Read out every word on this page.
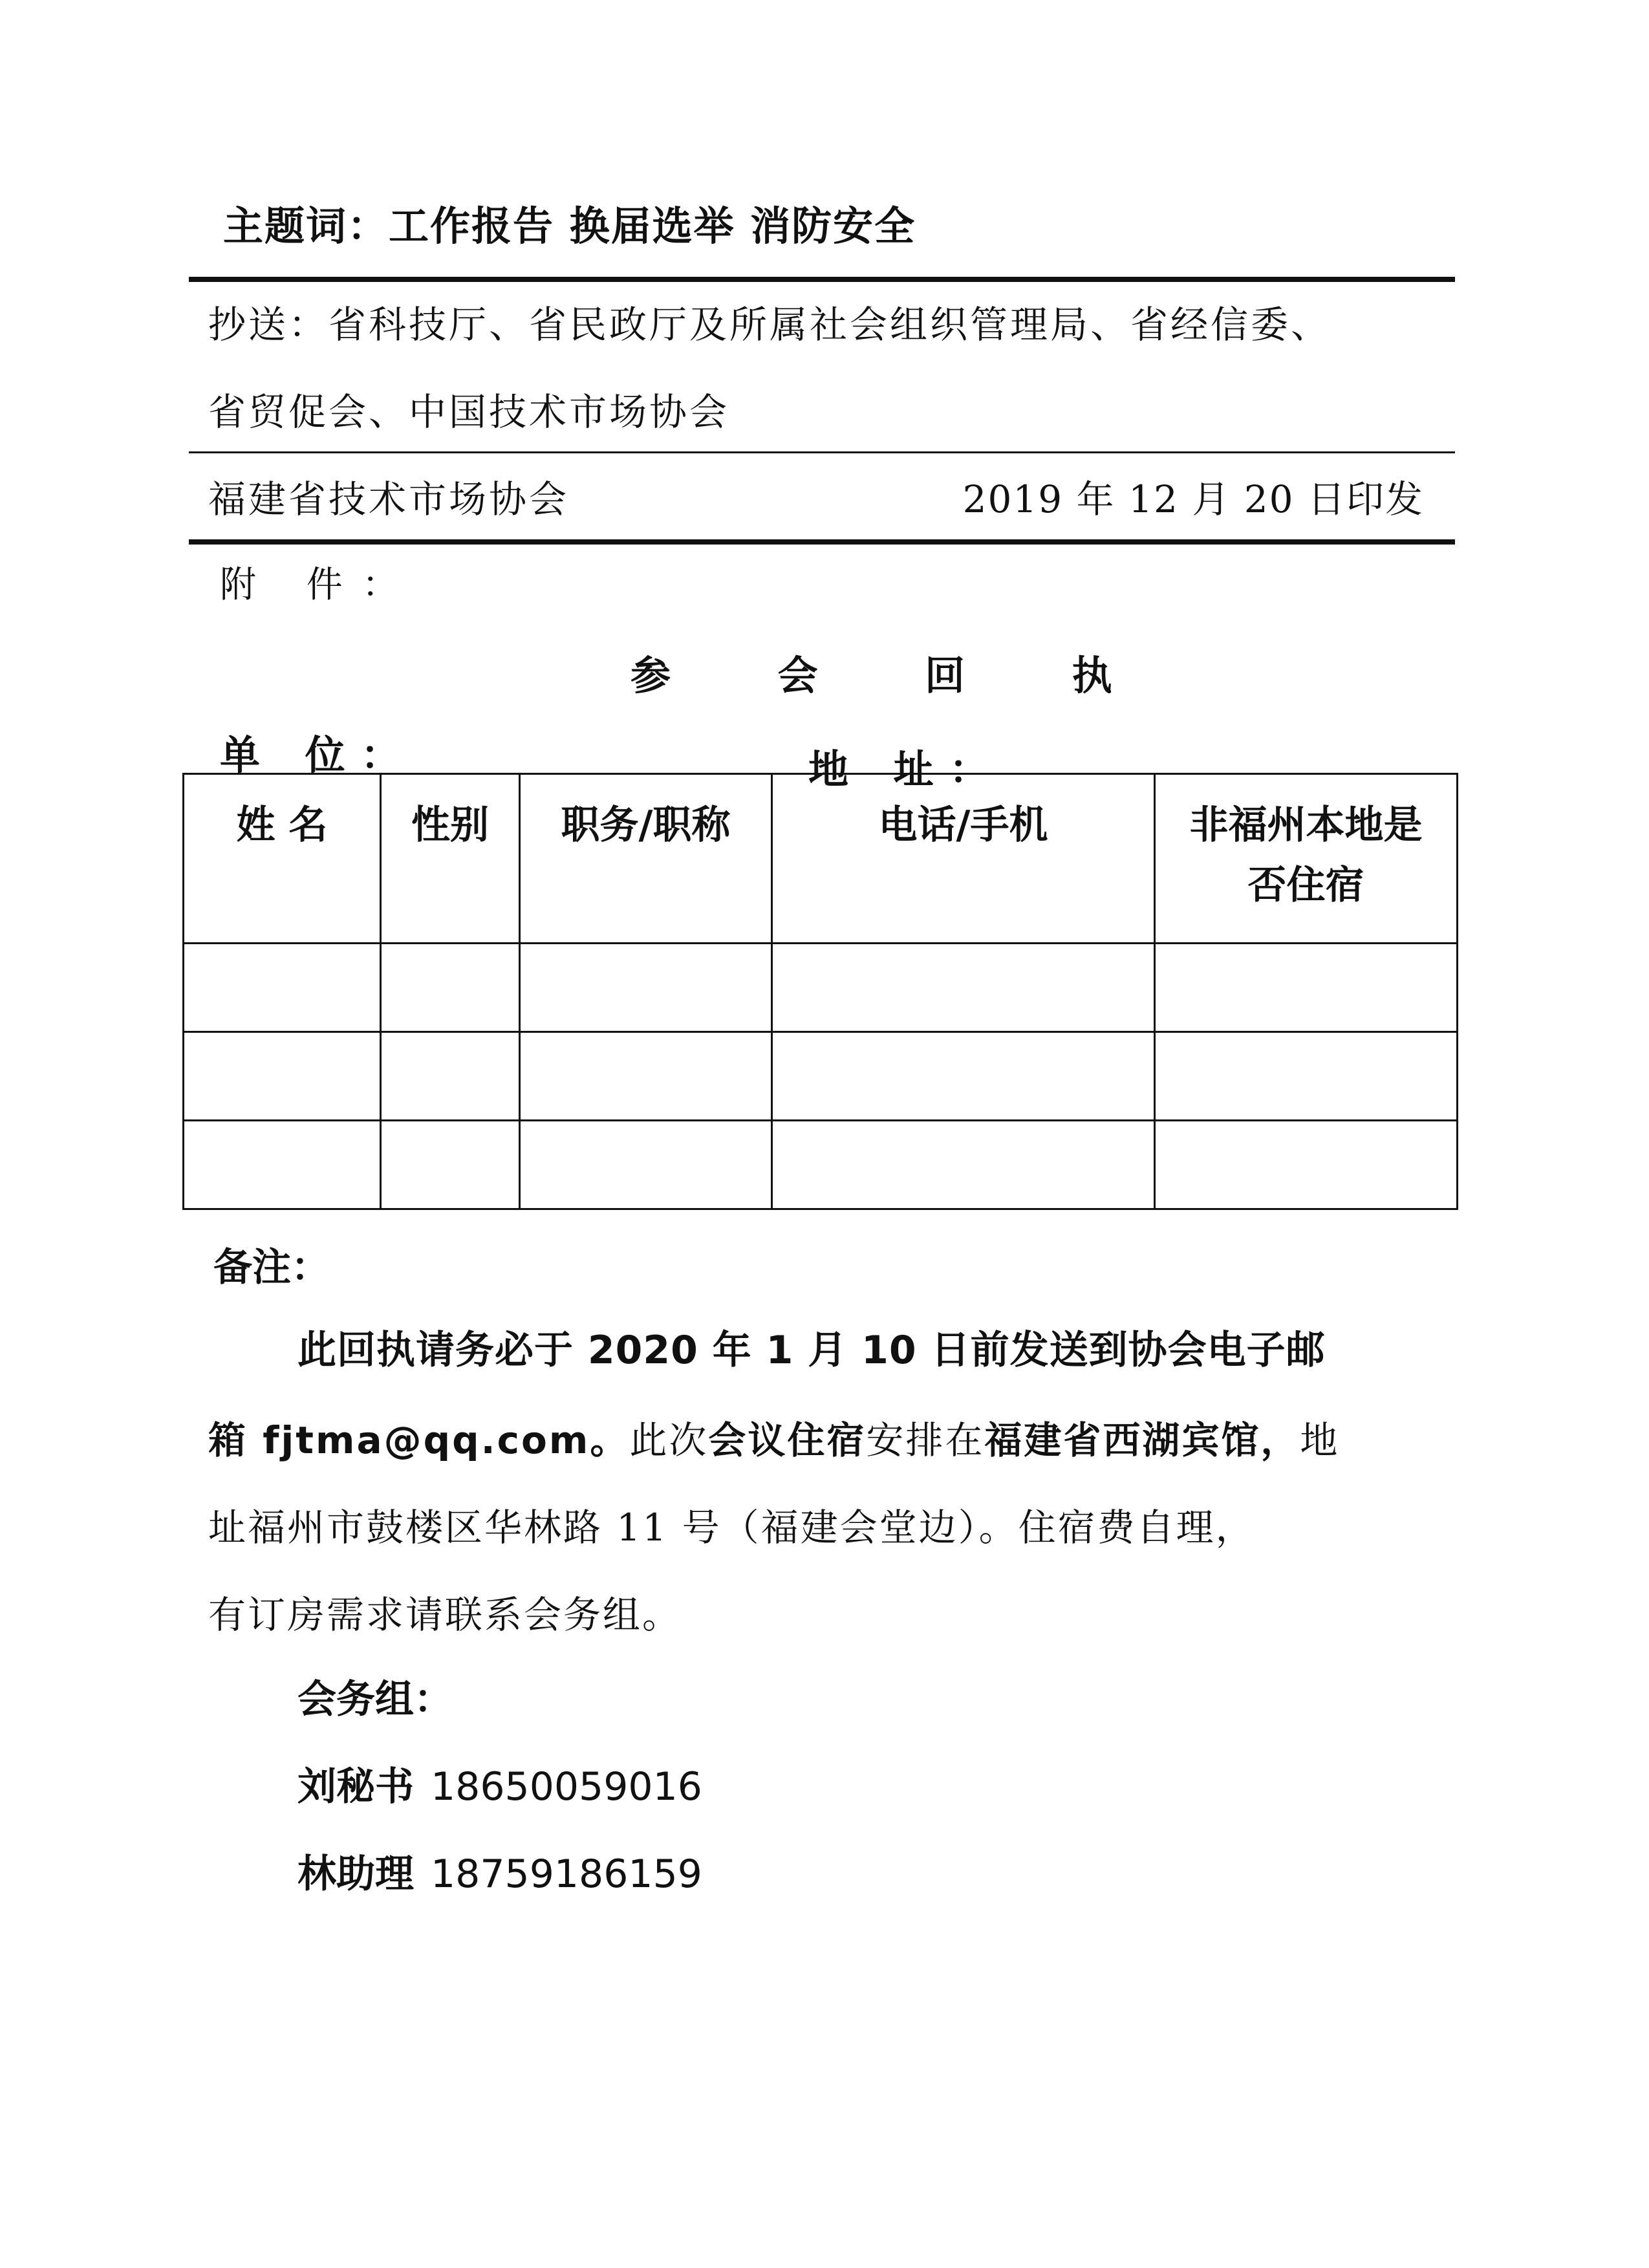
主题词：工作报告 换届选举 消防安全
抄送：省科技厅、省民政厅及所属社会组织管理局、省经信委、
省贸促会、中国技术市场协会
福建省技术市场协会	2019 年 12 月 20 日印发
附 件：
参 会 回 执
单 位：	地 址：
姓 名	性别	职务/职称	电话/手机	非福州本地是否住宿

备注：
此回执请务必于 2020 年 1 月 10 日前发送到协会电子邮
箱 fjtma@qq.com。此次会议住宿安排在福建省西湖宾馆，地
址福州市鼓楼区华林路 11 号（福建会堂边）。住宿费自理，
有订房需求请联系会务组。
会务组：
刘秘书 18650059016
林助理 18759186159
